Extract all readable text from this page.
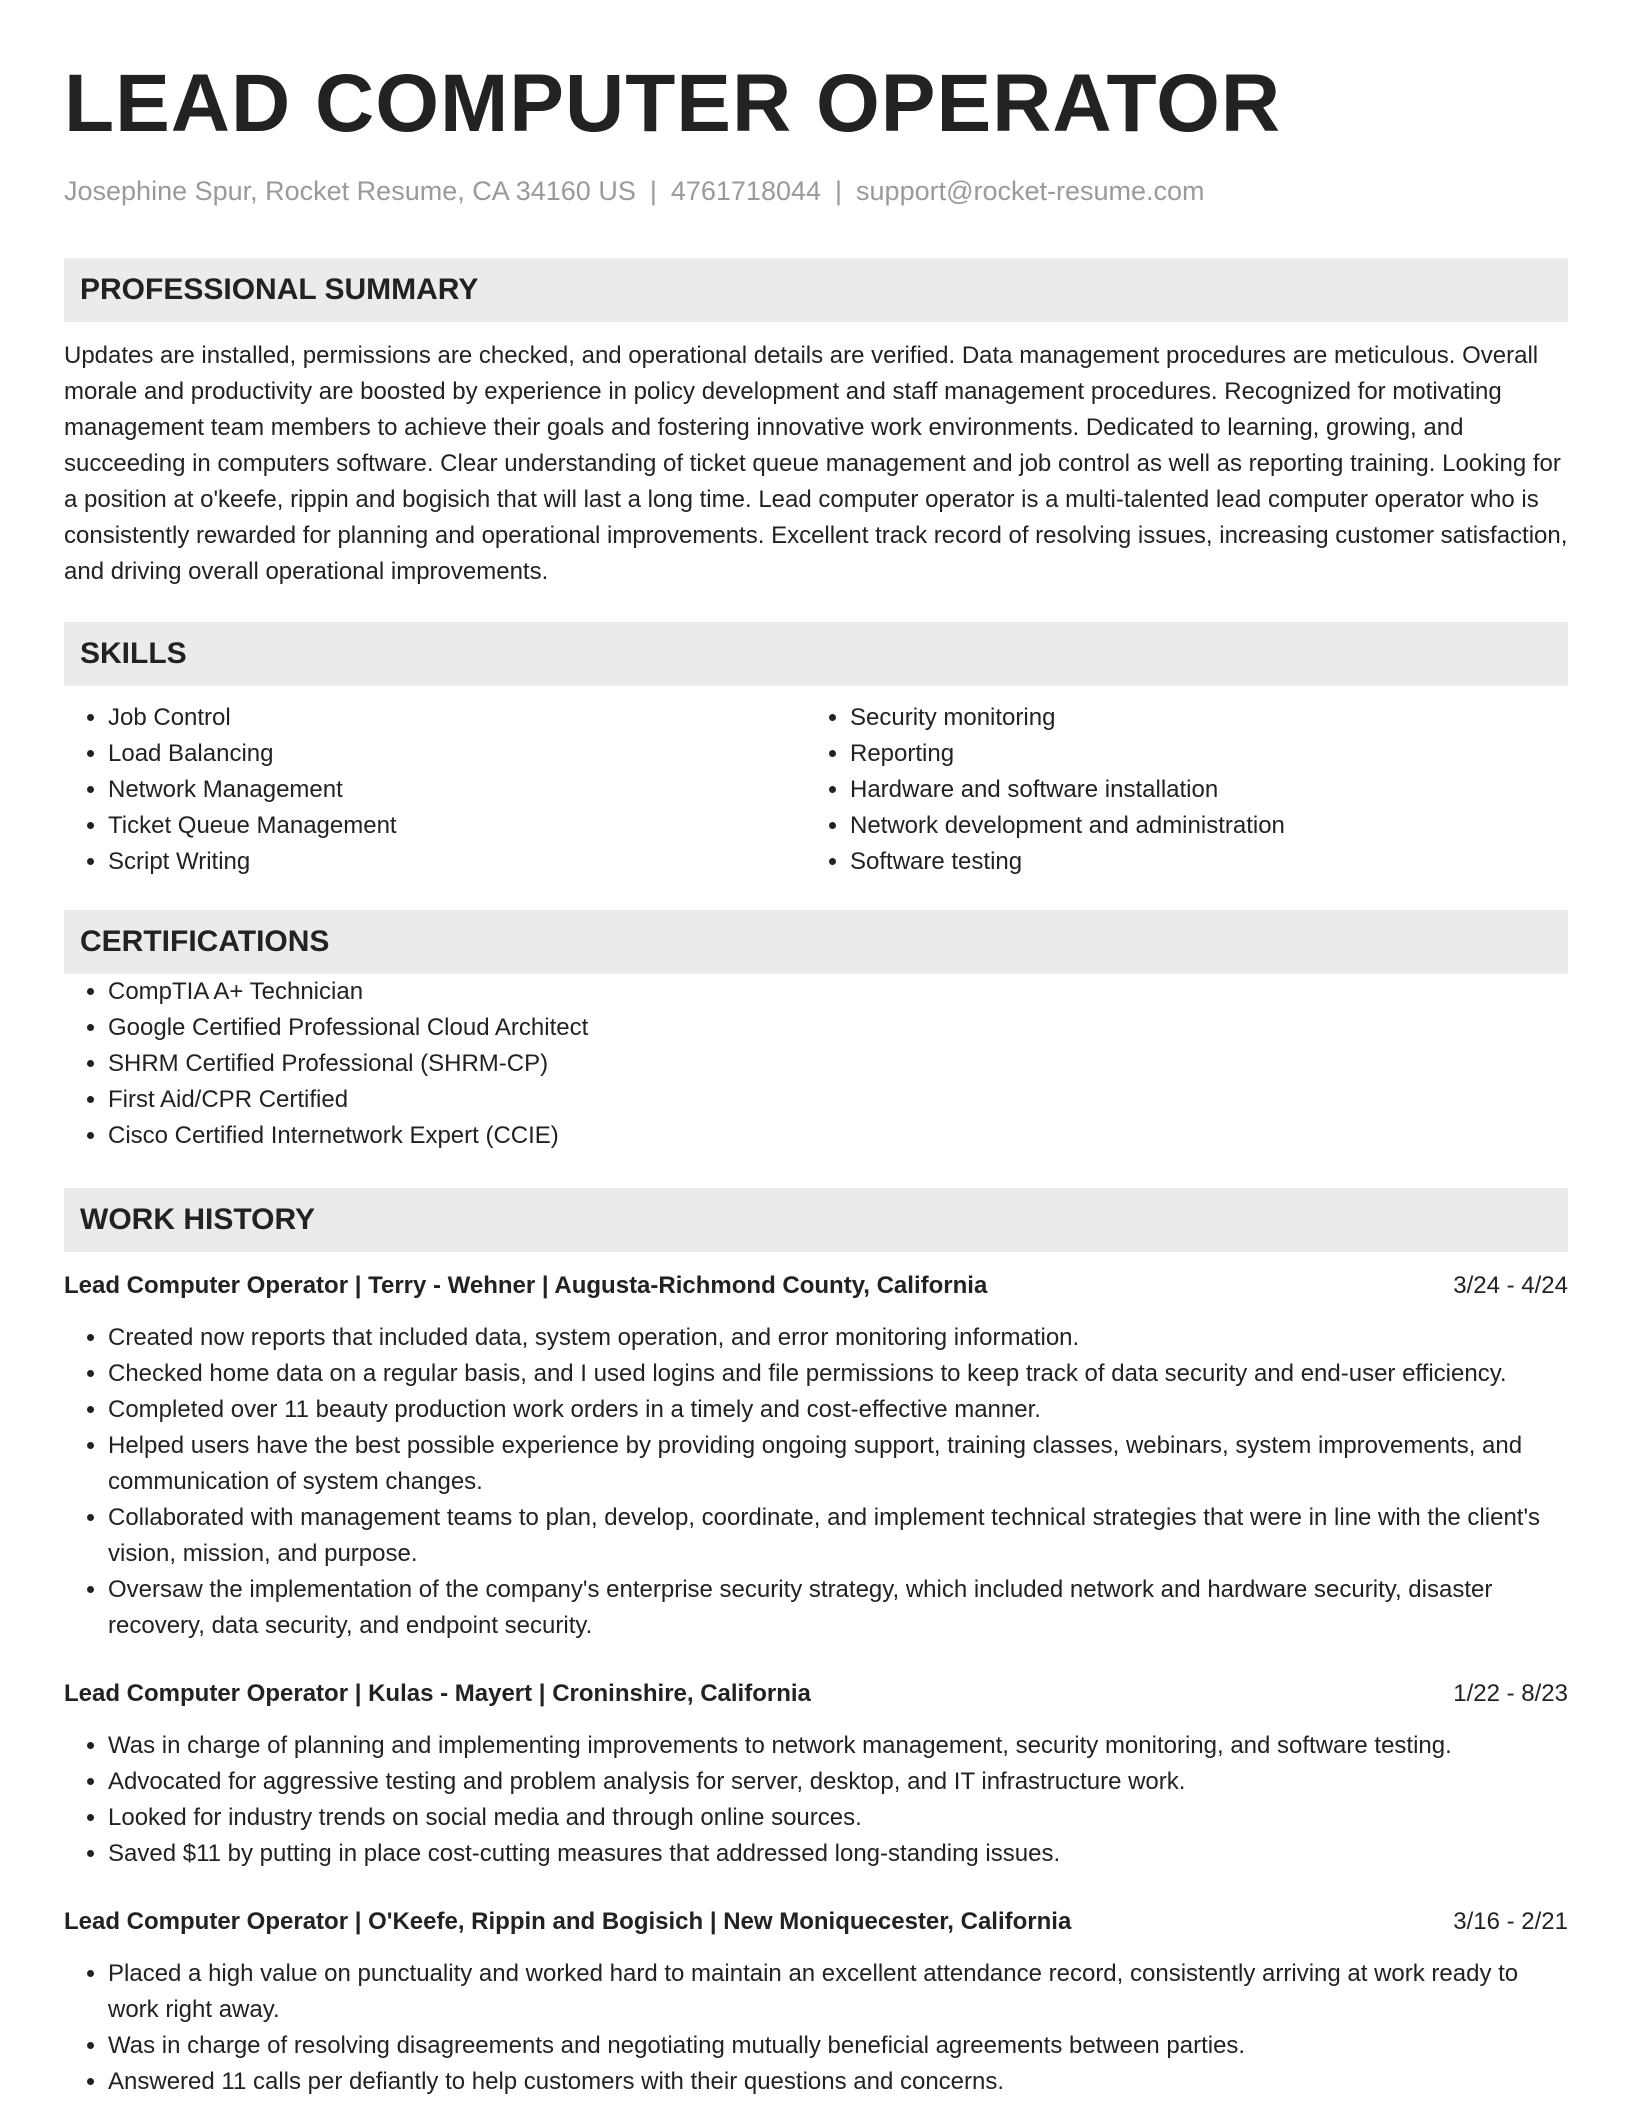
LEAD COMPUTER OPERATOR
Josephine Spur, Rocket Resume, CA 34160 US | 4761718044 | support@rocket-resume.com
PROFESSIONAL SUMMARY
Updates are installed, permissions are checked, and operational details are verified. Data management procedures are meticulous. Overall morale and productivity are boosted by experience in policy development and staff management procedures. Recognized for motivating management team members to achieve their goals and fostering innovative work environments. Dedicated to learning, growing, and succeeding in computers software. Clear understanding of ticket queue management and job control as well as reporting training. Looking for a position at o'keefe, rippin and bogisich that will last a long time. Lead computer operator is a multi-talented lead computer operator who is consistently rewarded for planning and operational improvements. Excellent track record of resolving issues, increasing customer satisfaction, and driving overall operational improvements.
SKILLS
• Job Control
• Load Balancing
• Network Management
• Ticket Queue Management
• Script Writing
• Security monitoring
• Reporting
• Hardware and software installation
• Network development and administration
• Software testing
CERTIFICATIONS
• CompTIA A+ Technician
• Google Certified Professional Cloud Architect
• SHRM Certified Professional (SHRM-CP)
• First Aid/CPR Certified
• Cisco Certified Internetwork Expert (CCIE)
WORK HISTORY
Lead Computer Operator | Terry - Wehner | Augusta-Richmond County, California	3/24 - 4/24
• Created now reports that included data, system operation, and error monitoring information.
• Checked home data on a regular basis, and I used logins and file permissions to keep track of data security and end-user efficiency.
• Completed over 11 beauty production work orders in a timely and cost-effective manner.
• Helped users have the best possible experience by providing ongoing support, training classes, webinars, system improvements, and communication of system changes.
• Collaborated with management teams to plan, develop, coordinate, and implement technical strategies that were in line with the client's vision, mission, and purpose.
• Oversaw the implementation of the company's enterprise security strategy, which included network and hardware security, disaster recovery, data security, and endpoint security.
Lead Computer Operator | Kulas - Mayert | Croninshire, California	1/22 - 8/23
• Was in charge of planning and implementing improvements to network management, security monitoring, and software testing.
• Advocated for aggressive testing and problem analysis for server, desktop, and IT infrastructure work.
• Looked for industry trends on social media and through online sources.
• Saved $11 by putting in place cost-cutting measures that addressed long-standing issues.
Lead Computer Operator | O'Keefe, Rippin and Bogisich | New Moniquecester, California	3/16 - 2/21
• Placed a high value on punctuality and worked hard to maintain an excellent attendance record, consistently arriving at work ready to work right away.
• Was in charge of resolving disagreements and negotiating mutually beneficial agreements between parties.
• Answered 11 calls per defiantly to help customers with their questions and concerns.
